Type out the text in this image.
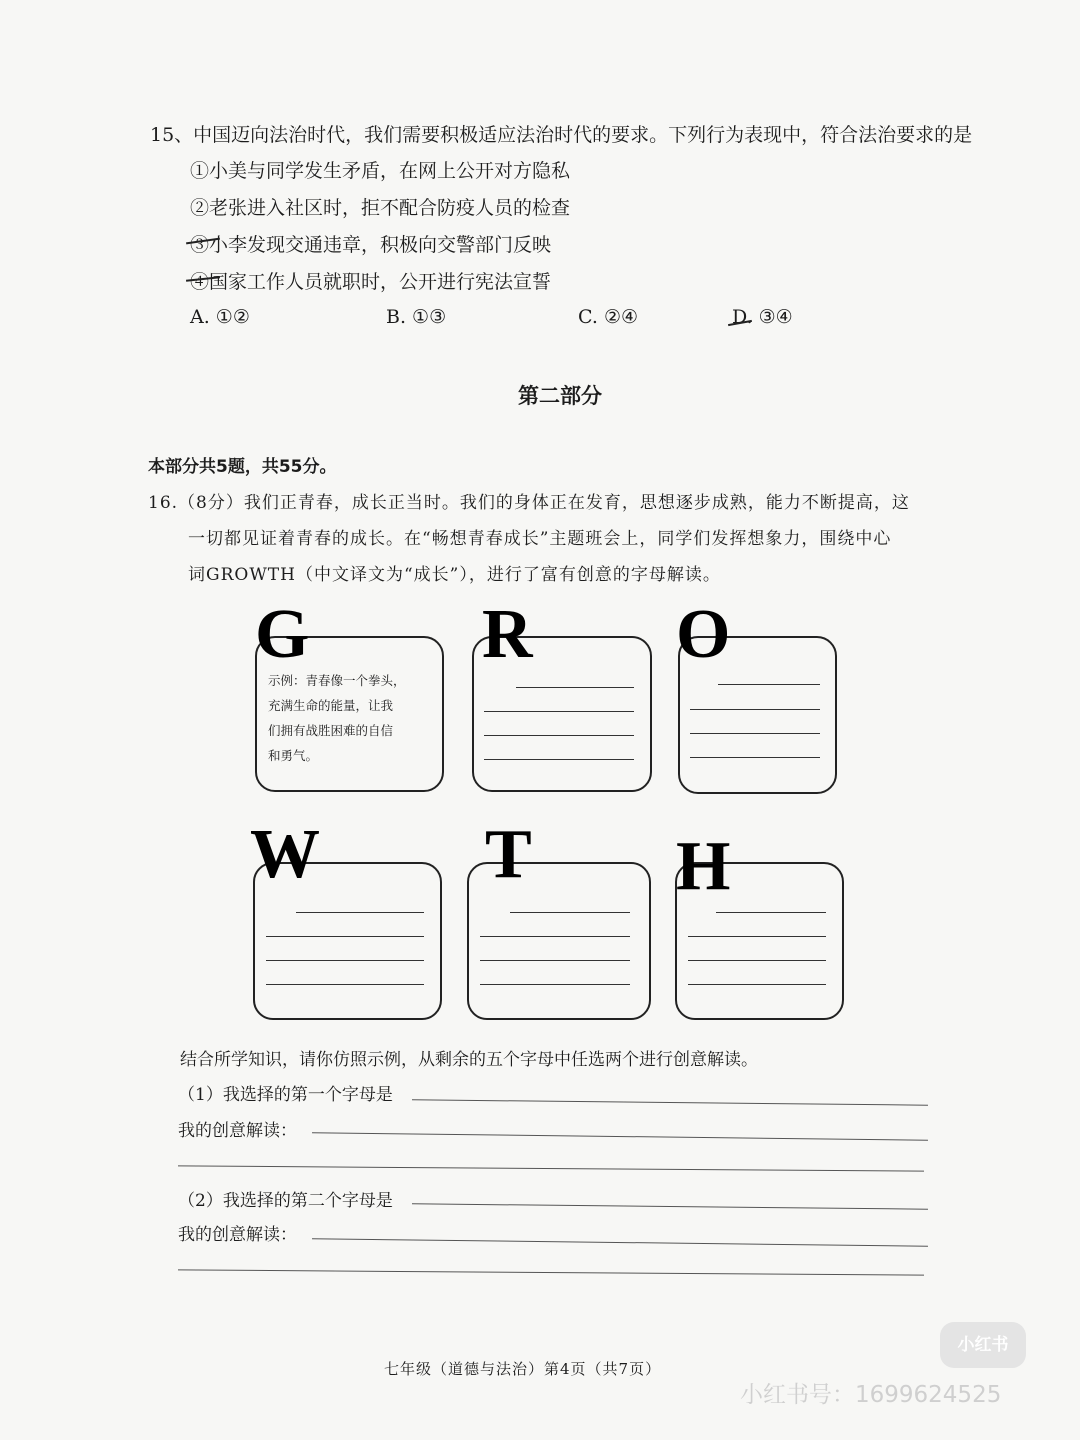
15、中国迈向法治时代，我们需要积极适应法治时代的要求。下列行为表现中，符合法治要求的是
①小美与同学发生矛盾，在网上公开对方隐私
②老张进入社区时，拒不配合防疫人员的检查
③小李发现交通违章，积极向交警部门反映
④国家工作人员就职时，公开进行宪法宣誓
A. ①②	B. ①③	C. ②④	D. ③④
第二部分
本部分共5题，共55分。
16.（8分）我们正青春，成长正当时。我们的身体正在发育，思想逐步成熟，能力不断提高，这
一切都见证着青春的成长。在“畅想青春成长”主题班会上，同学们发挥想象力，围绕中心
词GROWTH（中文译文为“成长”），进行了富有创意的字母解读。
G
示例：青春像一个拳头，
充满生命的能量，让我
们拥有战胜困难的自信
和勇气。
R O
W T H
结合所学知识，请你仿照示例，从剩余的五个字母中任选两个进行创意解读。
（1）我选择的第一个字母是
我的创意解读：
（2）我选择的第二个字母是
我的创意解读：
七年级（道德与法治）第4页（共7页）
小红书
小红书号：1699624525
